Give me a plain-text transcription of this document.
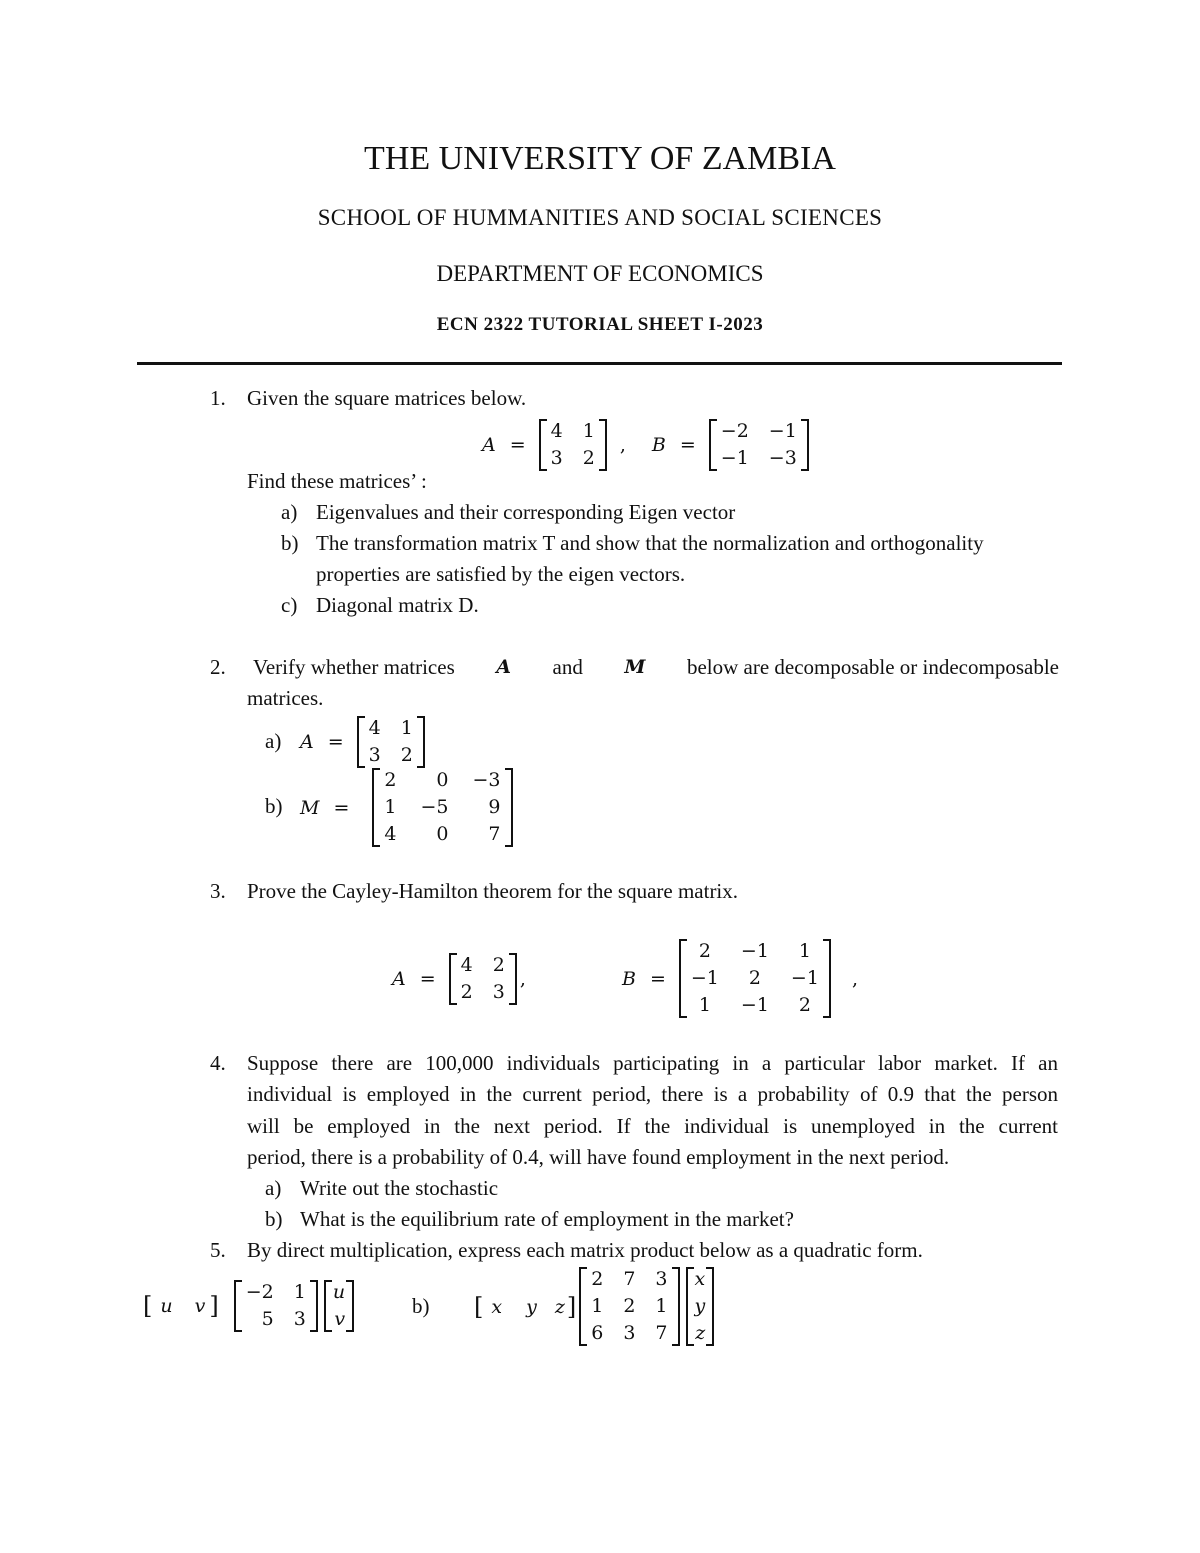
THE UNIVERSITY OF ZAMBIA
SCHOOL OF HUMMANITIES AND SOCIAL SCIENCES
DEPARTMENT OF ECONOMICS
ECN 2322 TUTORIAL SHEET I-2023
1. Given the square matrices below.
A =
4	1
3	2
, B =
−2	−1
−1	−3
Find these matrices’ :
a) Eigenvalues and their corresponding Eigen vector
b) The transformation matrix T and show that the normalization and orthogonality
properties are satisfied by the eigen vectors.
c) Diagonal matrix D.
2. Verify whether matrices A and M below are decomposable or indecomposable
matrices.
a) A =
4	1
3	2
b) M =
2	0	−3
1	−5	9
4	0	7
3. Prove the Cayley-Hamilton theorem for the square matrix.
A =
4	2
2	3
,	B =
2	−1	1
−1	2	−1
1	−1	2
,
4. Suppose there are 100,000 individuals participating in a particular labor market. If an
individual is employed in the current period, there is a probability of 0.9 that the person
will be employed in the next period. If the individual is unemployed in the current
period, there is a probability of 0.4, will have found employment in the next period.
a) Write out the stochastic
b) What is the equilibrium rate of employment in the market?
5. By direct multiplication, express each matrix product below as a quadratic form.
[ u v ] −2	1
5	3
u
v
b) [ x y z ]
2	7	3
1	2	1
6	3	7
x
y
z
